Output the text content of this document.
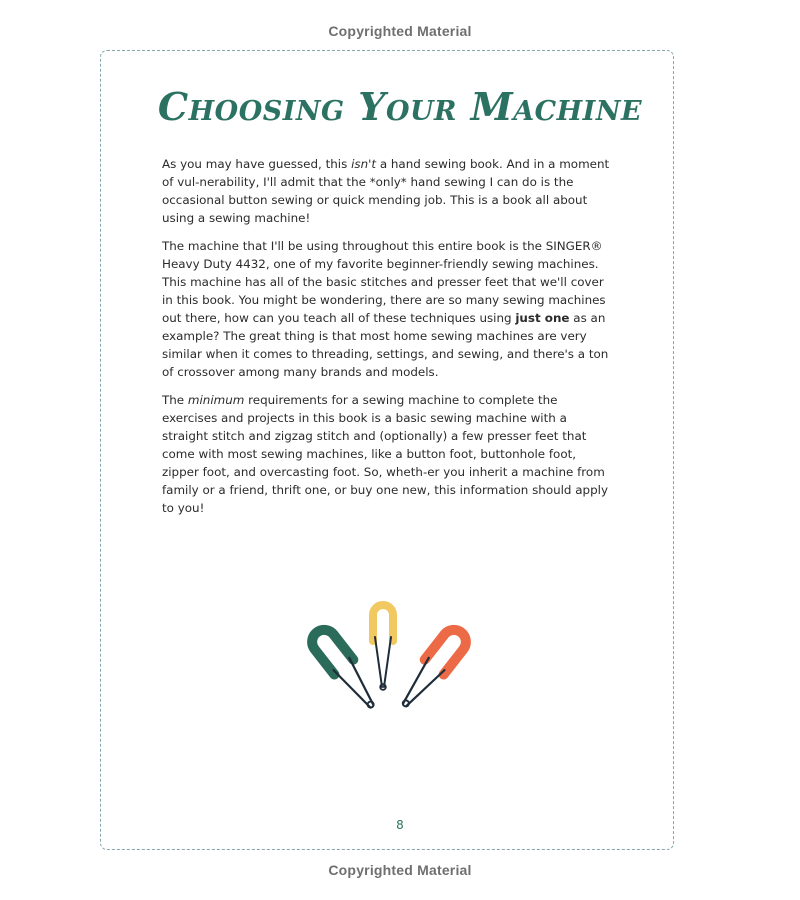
Copyrighted Material
Choosing Your Machine

As you may have guessed, this isn't a hand sewing book. And in a moment of vul-nerability, I'll admit that the *only* hand sewing I can do is the occasional button sewing or quick mending job. This is a book all about using a sewing machine!

The machine that I'll be using throughout this entire book is the SINGER® Heavy Duty 4432, one of my favorite beginner-friendly sewing machines. This machine has all of the basic stitches and presser feet that we'll cover in this book. You might be wondering, there are so many sewing machines out there, how can you teach all of these techniques using just one as an example? The great thing is that most home sewing machines are very similar when it comes to threading, settings, and sewing, and there's a ton of crossover among many brands and models.

The minimum requirements for a sewing machine to complete the exercises and projects in this book is a basic sewing machine with a straight stitch and zigzag stitch and (optionally) a few presser feet that come with most sewing machines, like a button foot, buttonhole foot, zipper foot, and overcasting foot. So, wheth-er you inherit a machine from family or a friend, thrift one, or buy one new, this information should apply to you!

8
Copyrighted Material
